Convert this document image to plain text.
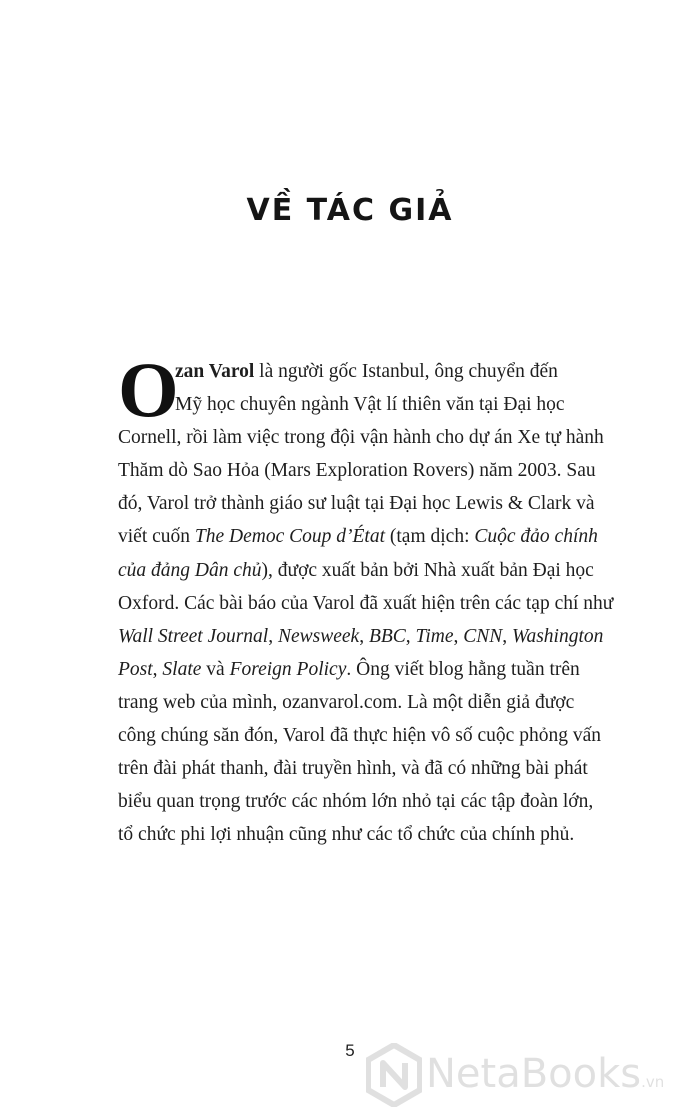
VỀ TÁC GIẢ
O
zan Varol là người gốc Istanbul, ông chuyển đến
Mỹ học chuyên ngành Vật lí thiên văn tại Đại học
Cornell, rồi làm việc trong đội vận hành cho dự án Xe tự hành
Thăm dò Sao Hỏa (Mars Exploration Rovers) năm 2003. Sau
đó, Varol trở thành giáo sư luật tại Đại học Lewis & Clark và
viết cuốn The Democ Coup d’État (tạm dịch: Cuộc đảo chính
của đảng Dân chủ), được xuất bản bởi Nhà xuất bản Đại học
Oxford. Các bài báo của Varol đã xuất hiện trên các tạp chí như
Wall Street Journal, Newsweek, BBC, Time, CNN, Washington
Post, Slate và Foreign Policy. Ông viết blog hằng tuần trên
trang web của mình, ozanvarol.com. Là một diễn giả được
công chúng săn đón, Varol đã thực hiện vô số cuộc phỏng vấn
trên đài phát thanh, đài truyền hình, và đã có những bài phát
biểu quan trọng trước các nhóm lớn nhỏ tại các tập đoàn lớn,
tổ chức phi lợi nhuận cũng như các tổ chức của chính phủ.
5
NetaBooks.vn
